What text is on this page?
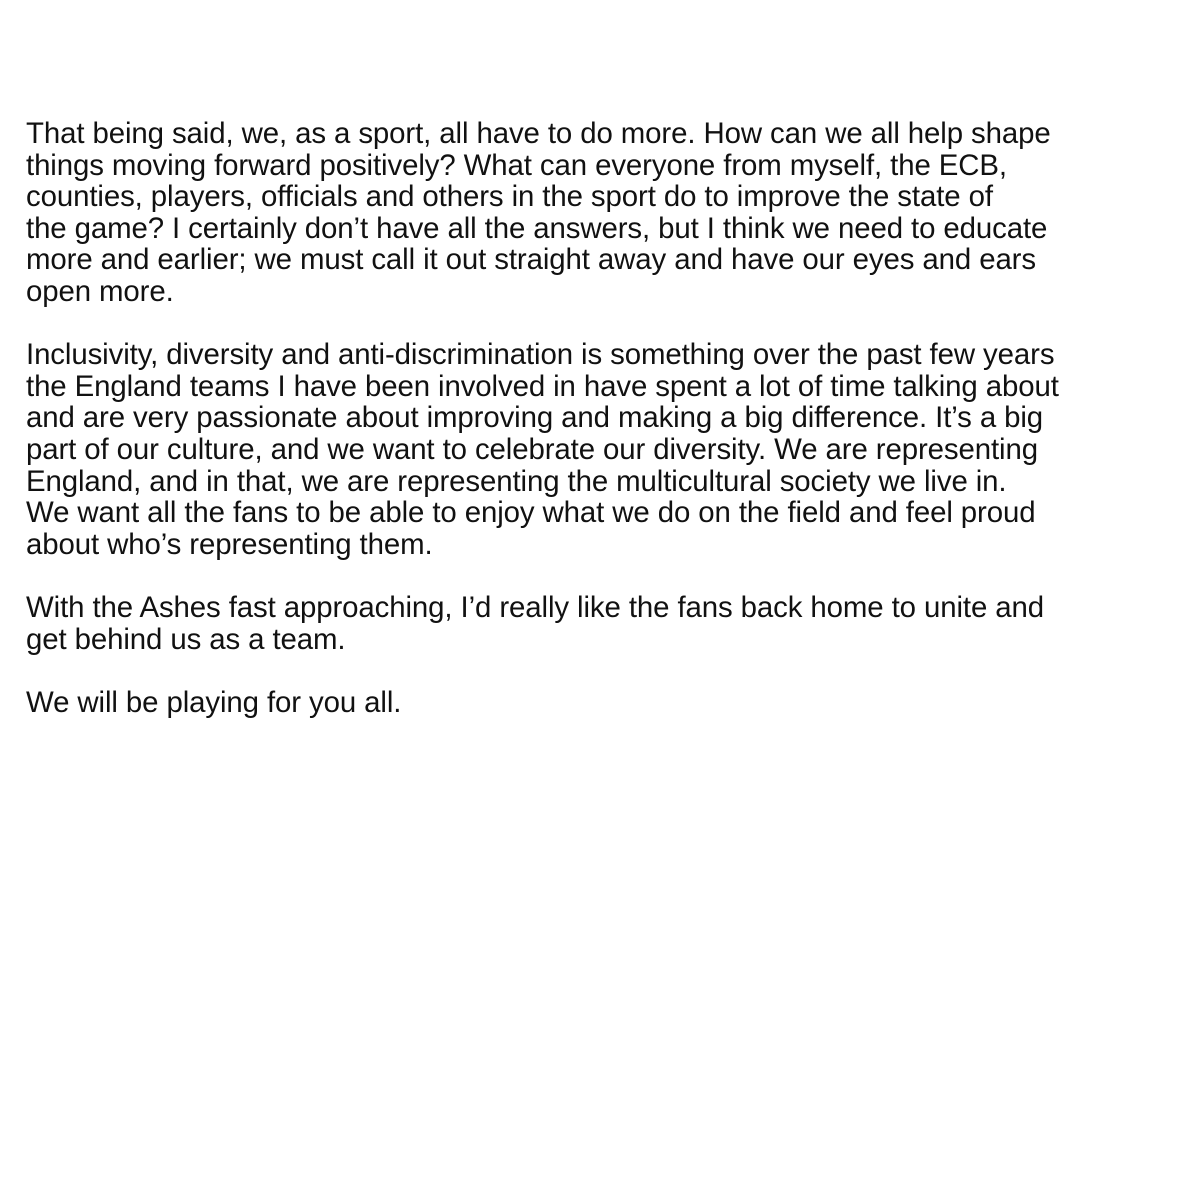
That being said, we, as a sport, all have to do more. How can we all help shape
things moving forward positively? What can everyone from myself, the ECB,
counties, players, officials and others in the sport do to improve the state of
the game? I certainly don’t have all the answers, but I think we need to educate
more and earlier; we must call it out straight away and have our eyes and ears
open more.

Inclusivity, diversity and anti-discrimination is something over the past few years
the England teams I have been involved in have spent a lot of time talking about
and are very passionate about improving and making a big difference. It’s a big
part of our culture, and we want to celebrate our diversity. We are representing
England, and in that, we are representing the multicultural society we live in.
We want all the fans to be able to enjoy what we do on the field and feel proud
about who’s representing them.

With the Ashes fast approaching, I’d really like the fans back home to unite and
get behind us as a team.

We will be playing for you all.
